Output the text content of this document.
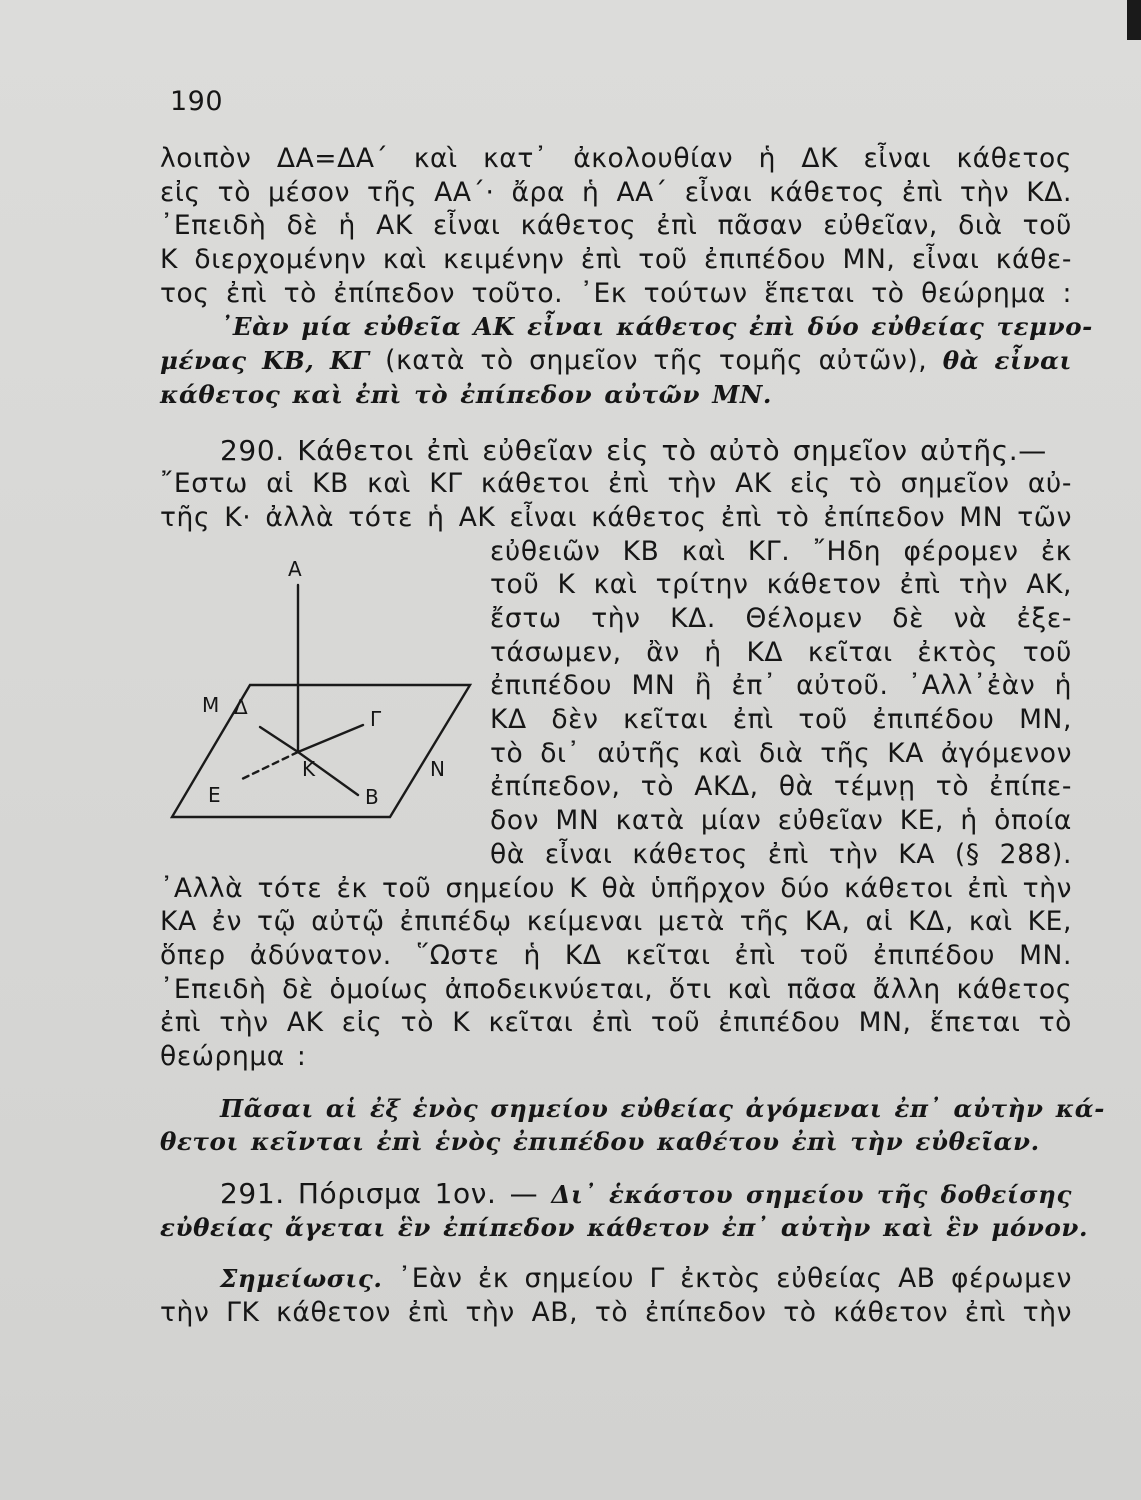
190
λοιπὸν ΔΑ=ΔΑ΄ καὶ κατ᾽ ἀκολουθίαν ἡ ΔΚ εἶναι κάθετος
εἰς τὸ μέσον τῆς ΑΑ΄· ἄρα ἡ ΑΑ΄ εἶναι κάθετος ἐπὶ τὴν ΚΔ.
᾽Επειδὴ δὲ ἡ ΑΚ εἶναι κάθετος ἐπὶ πᾶσαν εὐθεῖαν, διὰ τοῦ
Κ διερχομένην καὶ κειμένην ἐπὶ τοῦ ἐπιπέδου ΜΝ, εἶναι κάθε-
τος ἐπὶ τὸ ἐπίπεδον τοῦτο. ᾽Εκ τούτων ἕπεται τὸ θεώρημα :
᾽Εὰν μία εὐθεῖα ΑΚ εἶναι κάθετος ἐπὶ δύο εὐθείας τεμνο-
μένας ΚΒ, ΚΓ (κατὰ τὸ σημεῖον τῆς τομῆς αὐτῶν), θὰ εἶναι
κάθετος καὶ ἐπὶ τὸ ἐπίπεδον αὐτῶν ΜΝ.
290. Κάθετοι ἐπὶ εὐθεῖαν εἰς τὸ αὐτὸ σημεῖον αὐτῆς.—
῎Εστω αἱ ΚΒ καὶ ΚΓ κάθετοι ἐπὶ τὴν ΑΚ εἰς τὸ σημεῖον αὐ-
τῆς Κ· ἀλλὰ τότε ἡ ΑΚ εἶναι κάθετος ἐπὶ τὸ ἐπίπεδον ΜΝ τῶν
Α
Μ Δ	Γ
Κ	Ν
Ε	Β
εὐθειῶν ΚΒ καὶ ΚΓ. ῎Ηδη φέρομεν ἐκ
τοῦ Κ καὶ τρίτην κάθετον ἐπὶ τὴν ΑΚ,
ἔστω τὴν ΚΔ. Θέλομεν δὲ νὰ ἐξε-
τάσωμεν, ἂν ἡ ΚΔ κεῖται ἐκτὸς τοῦ
ἐπιπέδου ΜΝ ἢ ἐπ᾽ αὐτοῦ. ᾽Αλλ᾽ἐὰν ἡ
ΚΔ δὲν κεῖται ἐπὶ τοῦ ἐπιπέδου ΜΝ,
τὸ δι᾽ αὐτῆς καὶ διὰ τῆς ΚΑ ἀγόμενον
ἐπίπεδον, τὸ ΑΚΔ, θὰ τέμνῃ τὸ ἐπίπε-
δον ΜΝ κατὰ μίαν εὐθεῖαν ΚΕ, ἡ ὁποία
θὰ εἶναι κάθετος ἐπὶ τὴν ΚΑ (§ 288).
᾽Αλλὰ τότε ἐκ τοῦ σημείου Κ θὰ ὑπῆρχον δύο κάθετοι ἐπὶ τὴν
ΚΑ ἐν τῷ αὐτῷ ἐπιπέδῳ κείμεναι μετὰ τῆς ΚΑ, αἱ ΚΔ, καὶ ΚΕ,
ὅπερ ἀδύνατον. ῞Ωστε ἡ ΚΔ κεῖται ἐπὶ τοῦ ἐπιπέδου ΜΝ.
᾽Επειδὴ δὲ ὁμοίως ἀποδεικνύεται, ὅτι καὶ πᾶσα ἄλλη κάθετος
ἐπὶ τὴν ΑΚ εἰς τὸ Κ κεῖται ἐπὶ τοῦ ἐπιπέδου ΜΝ, ἕπεται τὸ
θεώρημα :
Πᾶσαι αἱ ἐξ ἑνὸς σημείου εὐθείας ἀγόμεναι ἐπ᾽ αὐτὴν κά-
θετοι κεῖνται ἐπὶ ἑνὸς ἐπιπέδου καθέτου ἐπὶ τὴν εὐθεῖαν.
291. Πόρισμα 1ον. — Δι᾽ ἑκάστου σημείου τῆς δοθείσης
εὐθείας ἄγεται ἓν ἐπίπεδον κάθετον ἐπ᾽ αὐτὴν καὶ ἓν μόνον.
Σημείωσις. ᾽Εὰν ἐκ σημείου Γ ἐκτὸς εὐθείας ΑΒ φέρωμεν
τὴν ΓΚ κάθετον ἐπὶ τὴν ΑΒ, τὸ ἐπίπεδον τὸ κάθετον ἐπὶ τὴν
